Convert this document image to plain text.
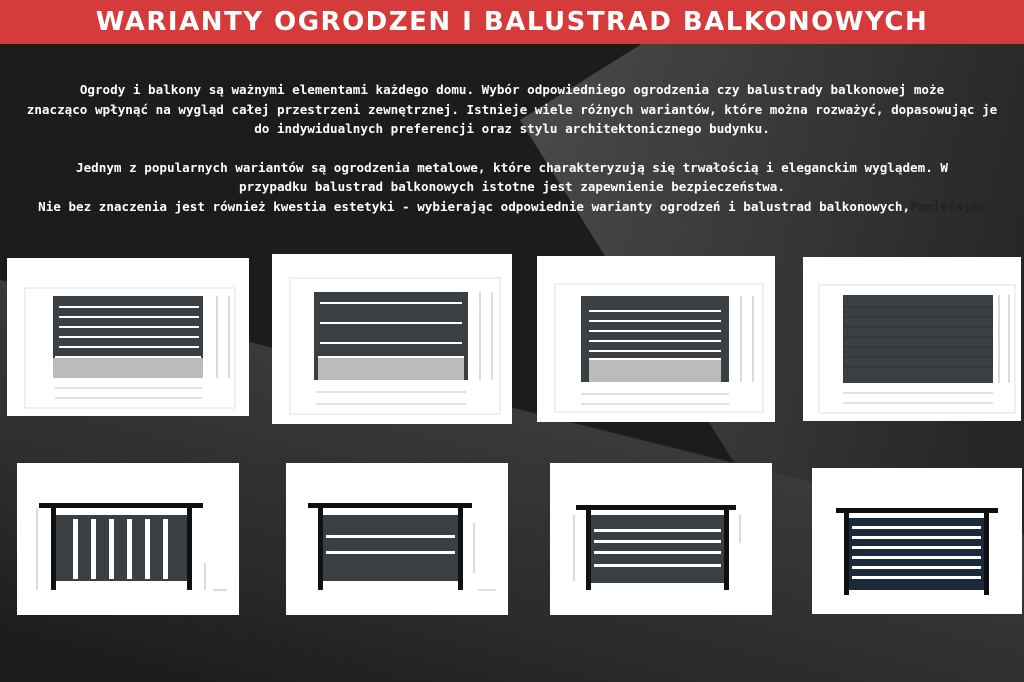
WARIANTY OGRODZEN I BALUSTRAD BALKONOWYCH

Ogrody i balkony są ważnymi elementami każdego domu. Wybór odpowiedniego ogrodzenia czy balustrady balkonowej może

znacząco wpłynąć na wygląd całej przestrzeni zewnętrznej. Istnieje wiele różnych wariantów, które można rozważyć, dopasowując je

do indywidualnych preferencji oraz stylu architektonicznego budynku.

Jednym z popularnych wariantów są ogrodzenia metalowe, które charakteryzują się trwałością i eleganckim wyglądem. W

przypadku balustrad balkonowych istotne jest zapewnienie bezpieczeństwa.

Nie bez znaczenia jest również kwestia estetyki - wybierając odpowiednie warianty ogrodzeń i balustrad balkonowych,Pamiętajmy
